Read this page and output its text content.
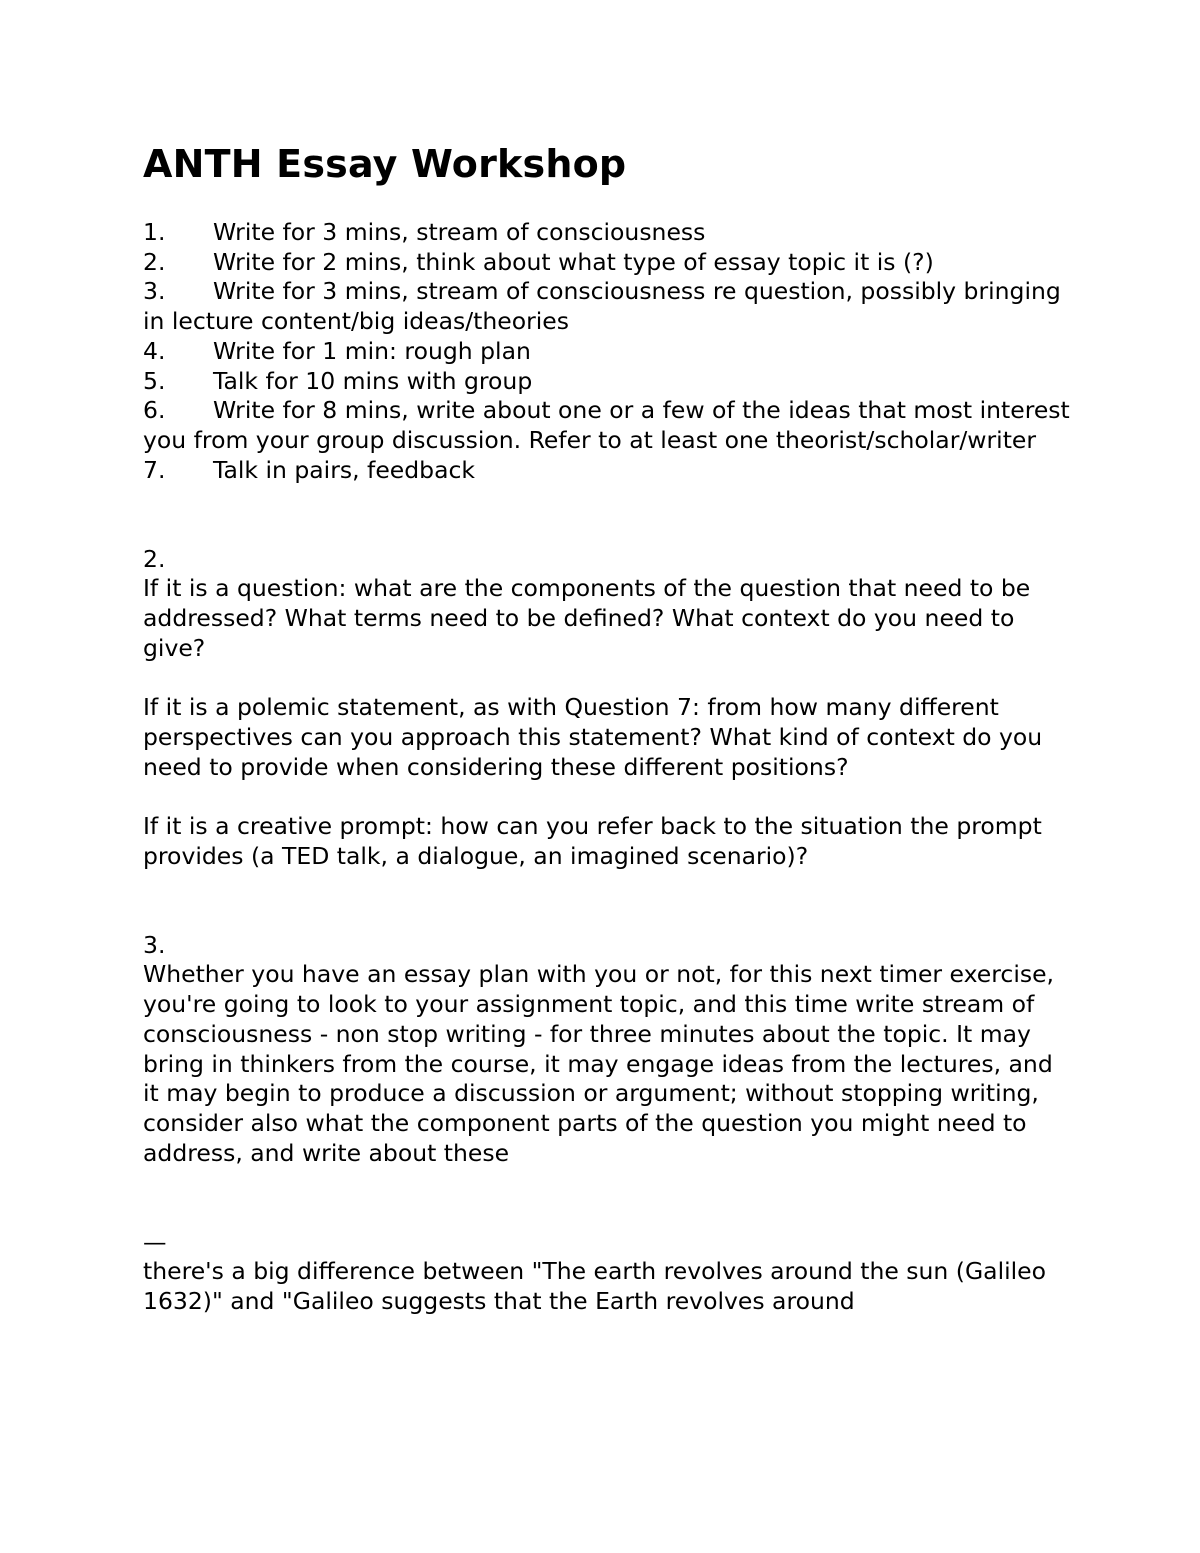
ANTH Essay Workshop
1. Write for 3 mins, stream of consciousness
2. Write for 2 mins, think about what type of essay topic it is (?)
3. Write for 3 mins, stream of consciousness re question, possibly bringing in lecture content/big ideas/theories
4. Write for 1 min: rough plan
5. Talk for 10 mins with group
6. Write for 8 mins, write about one or a few of the ideas that most interest you from your group discussion. Refer to at least one theorist/scholar/writer
7. Talk in pairs, feedback

2.

If it is a question: what are the components of the question that need to be addressed? What terms need to be defined? What context do you need to give?

If it is a polemic statement, as with Question 7: from how many different perspectives can you approach this statement? What kind of context do you need to provide when considering these different positions?

If it is a creative prompt: how can you refer back to the situation the prompt provides (a TED talk, a dialogue, an imagined scenario)?

3.

Whether you have an essay plan with you or not, for this next timer exercise, you're going to look to your assignment topic, and this time write stream of consciousness - non stop writing - for three minutes about the topic. It may bring in thinkers from the course, it may engage ideas from the lectures, and it may begin to produce a discussion or argument; without stopping writing, consider also what the component parts of the question you might need to address, and write about these

—

there's a big difference between "The earth revolves around the sun (Galileo 1632)" and "Galileo suggests that the Earth revolves around
